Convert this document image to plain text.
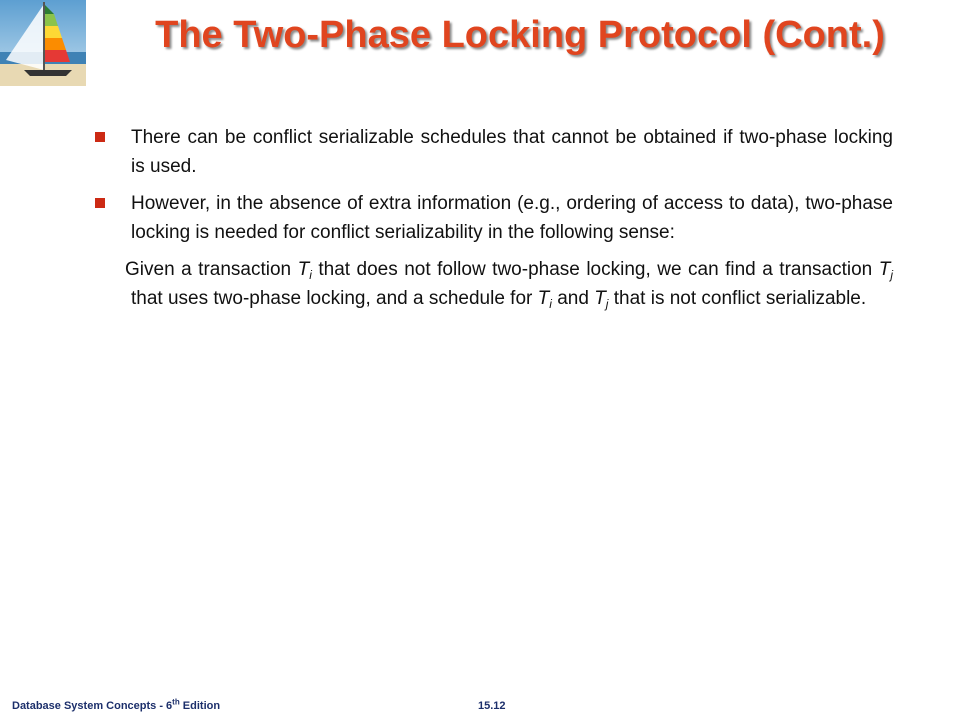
The Two-Phase Locking Protocol (Cont.)
There can be conflict serializable schedules that cannot be obtained if two-phase locking is used.
However, in the absence of extra information (e.g., ordering of access to data), two-phase locking is needed for conflict serializability in the following sense:
Given a transaction $T_i$ that does not follow two-phase locking, we can find a transaction $T_j$ that uses two-phase locking, and a schedule for $T_i$ and $T_j$ that is not conflict serializable.
Database System Concepts - 6th Edition	15.12
